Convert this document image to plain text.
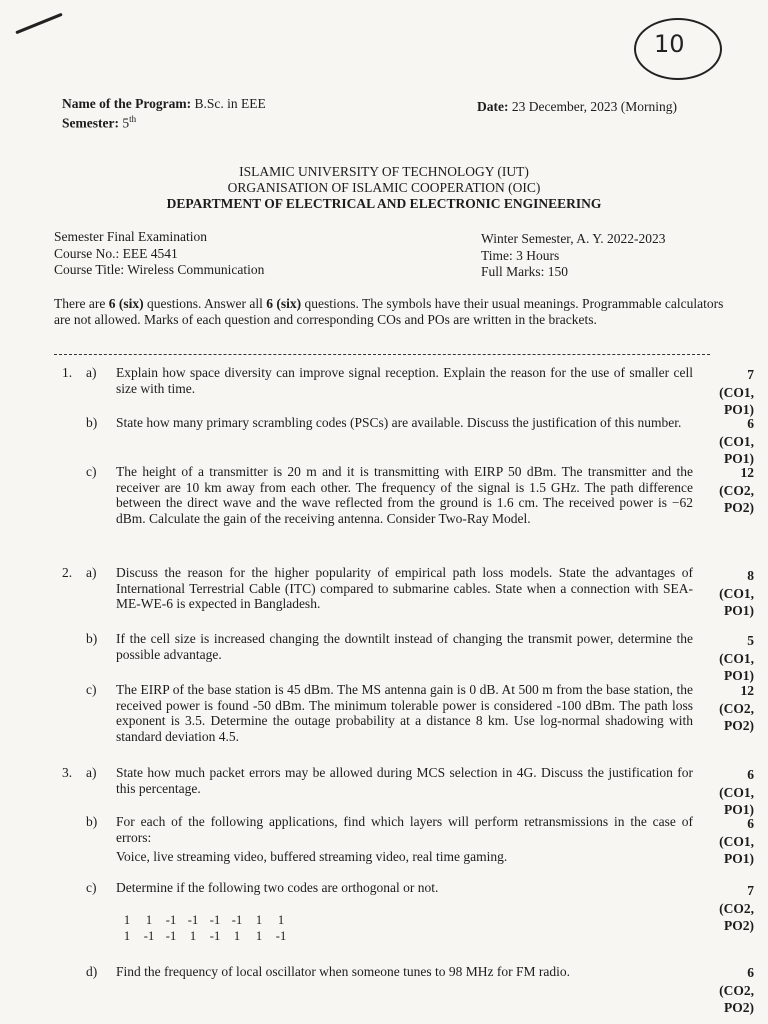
10
Name of the Program: B.Sc. in EEE
Semester: 5th
Date: 23 December, 2023 (Morning)
ISLAMIC UNIVERSITY OF TECHNOLOGY (IUT)
ORGANISATION OF ISLAMIC COOPERATION (OIC)
DEPARTMENT OF ELECTRICAL AND ELECTRONIC ENGINEERING
Semester Final Examination
Course No.: EEE 4541
Course Title: Wireless Communication
Winter Semester, A. Y. 2022-2023
Time: 3 Hours
Full Marks: 150
There are 6 (six) questions. Answer all 6 (six) questions. The symbols have their usual meanings. Programmable calculators are not allowed. Marks of each question and corresponding COs and POs are written in the brackets.
1. a) Explain how space diversity can improve signal reception. Explain the reason for the use of smaller cell size with time.
7
(CO1,
PO1)
b) State how many primary scrambling codes (PSCs) are available. Discuss the justification of this number.	6
(CO1,
PO1)
c) The height of a transmitter is 20 m and it is transmitting with EIRP 50 dBm. The transmitter and the receiver are 10 km away from each other. The frequency of the signal is 1.5 GHz. The path difference between the direct wave and the wave reflected from the ground is 1.6 cm. The received power is −62 dBm. Calculate the gain of the receiving antenna. Consider Two-Ray Model.
12
(CO2,
PO2)
2. a) Discuss the reason for the higher popularity of empirical path loss models. State the advantages of International Terrestrial Cable (ITC) compared to submarine cables. State when a connection with SEA-ME-WE-6 is expected in Bangladesh.
8
(CO1,
PO1)
b) If the cell size is increased changing the downtilt instead of changing the transmit power, determine the possible advantage.
5
(CO1,
PO1)
c) The EIRP of the base station is 45 dBm. The MS antenna gain is 0 dB. At 500 m from the base station, the received power is found -50 dBm. The minimum tolerable power is considered -100 dBm. The path loss exponent is 3.5. Determine the outage probability at a distance 8 km. Use log-normal shadowing with standard deviation 4.5.
12
(CO2,
PO2)
3. a) State how much packet errors may be allowed during MCS selection in 4G. Discuss the justification for this percentage.
6
(CO1,
PO1)
b) For each of the following applications, find which layers will perform retransmissions in the case of errors:
Voice, live streaming video, buffered streaming video, real time gaming.
6
(CO1,
PO1)
c) Determine if the following two codes are orthogonal or not.	7
(CO2,
PO2)
1 1 -1 -1 -1 -1 1 1
1 -1 -1 1 -1 1 1 -1
d) Find the frequency of local oscillator when someone tunes to 98 MHz for FM radio.	6
(CO2,
PO2)
